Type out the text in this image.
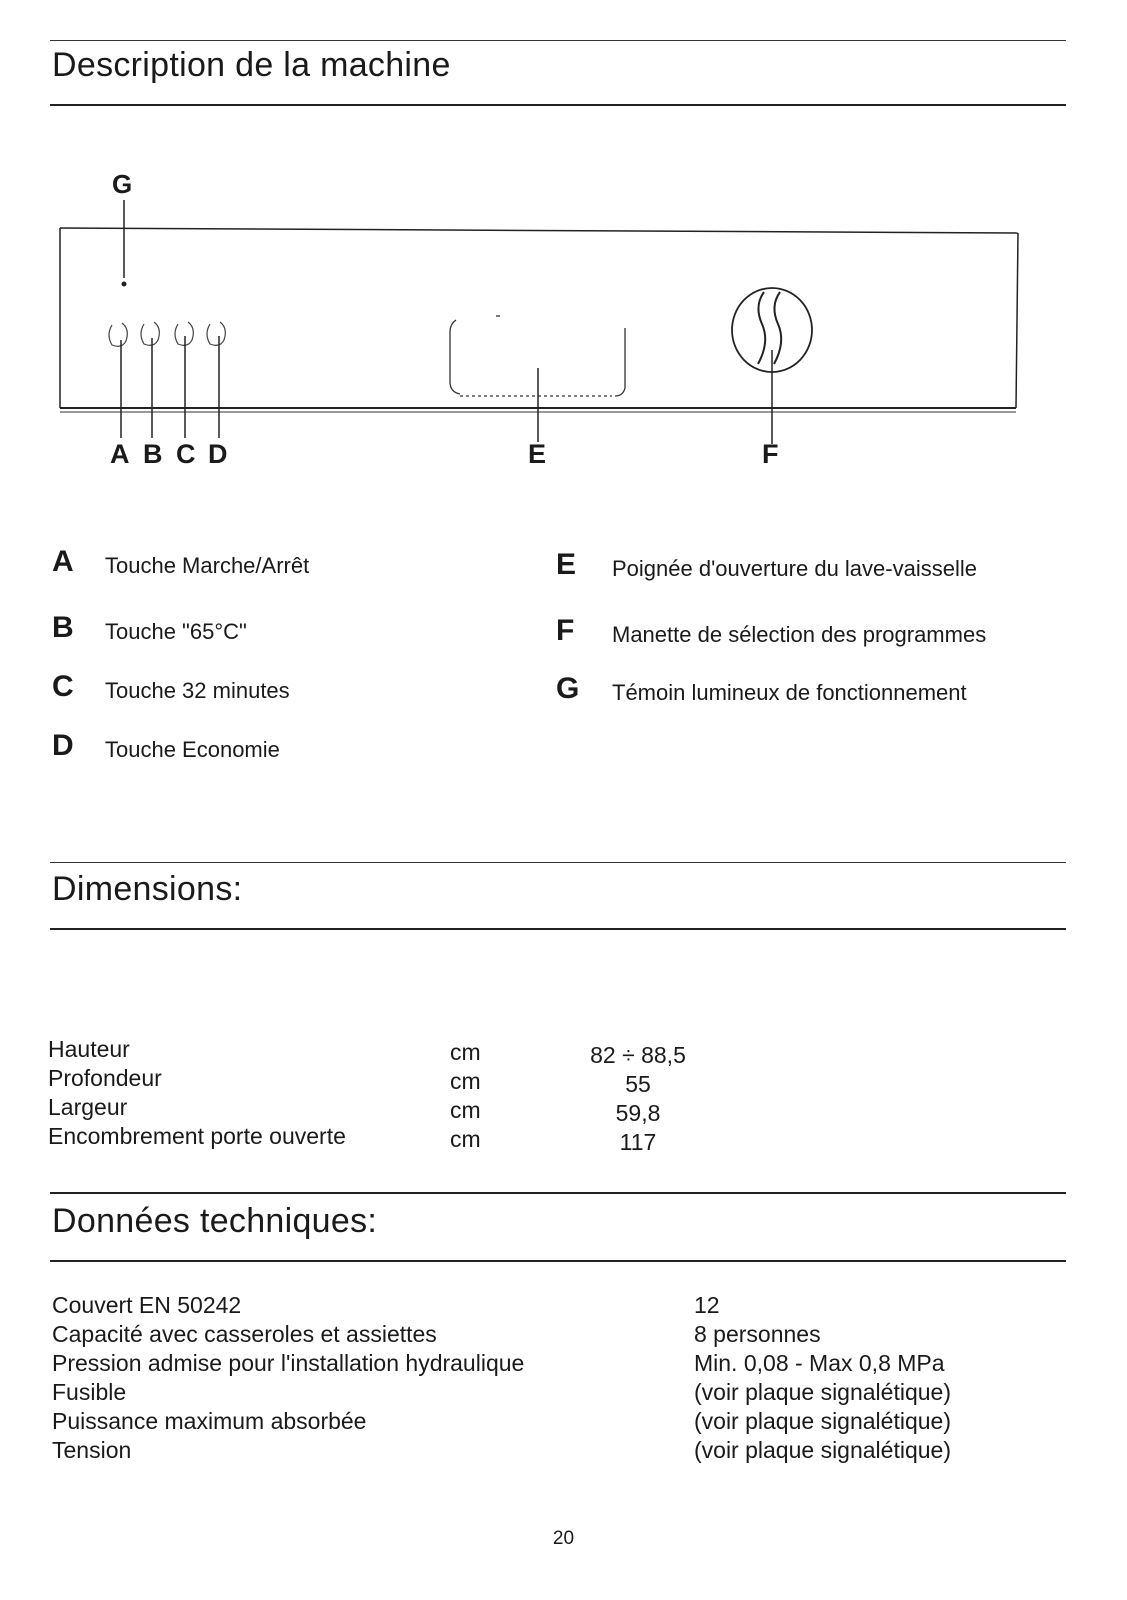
Description de la machine
G
A B C D	E	F
A	Touche Marche/Arrêt
B	Touche "65°C"
C	Touche 32 minutes
D	Touche Economie
E	Poignée d'ouverture du lave-vaisselle
F	Manette de sélection des programmes
G	Témoin lumineux de fonctionnement
Dimensions:
Hauteur	cm	82 ÷ 88,5
Profondeur	cm	55
Largeur	cm	59,8
Encombrement porte ouverte	cm	117
Données techniques:
Couvert EN 50242	12
Capacité avec casseroles et assiettes	8 personnes
Pression admise pour l'installation hydraulique	Min. 0,08 - Max 0,8 MPa
Fusible	(voir plaque signalétique)
Puissance maximum absorbée	(voir plaque signalétique)
Tension	(voir plaque signalétique)
20
